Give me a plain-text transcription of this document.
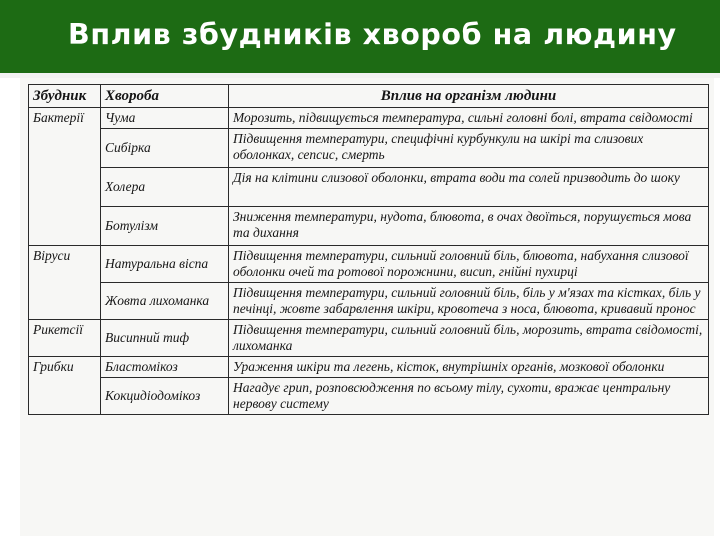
Вплив збудників хвороб на людину
Збудник	Хвороба	Вплив на організм людини
Бактерії	Чума	Морозить, підвищується температура, сильні головні болі, втрата свідомості
	Сибірка	Підвищення температури, специфічні курбункули на шкірі та слизових оболонках, сепсис, смерть
	Холера	Дія на клітини слизової оболонки, втрата води та солей призводить до шоку
	Ботулізм	Зниження температури, нудота, блювота, в очах двоїться, порушується мова та дихання
Віруси	Натуральна віспа	Підвищення температури, сильний головний біль, блювота, набухання слизової оболонки очей та ротової порожнини, висип, гнійні пухирці
	Жовта лихоманка	Підвищення температури, сильний головний біль, біль у м'язах та кістках, біль у печінці, жовте забарвлення шкіри, кровотеча з носа, блювота, кривавий пронос
Рикетсії	Висипний тиф	Підвищення температури, сильний головний біль, морозить, втрата свідомості, лихоманка
Грибки	Бластомікоз	Ураження шкіри та легень, кісток, внутрішніх органів, мозкової оболонки
	Кокцидіодомікоз	Нагадує грип, розповсюдження по всьому тілу, сухоти, вражає центральну нервову систему
